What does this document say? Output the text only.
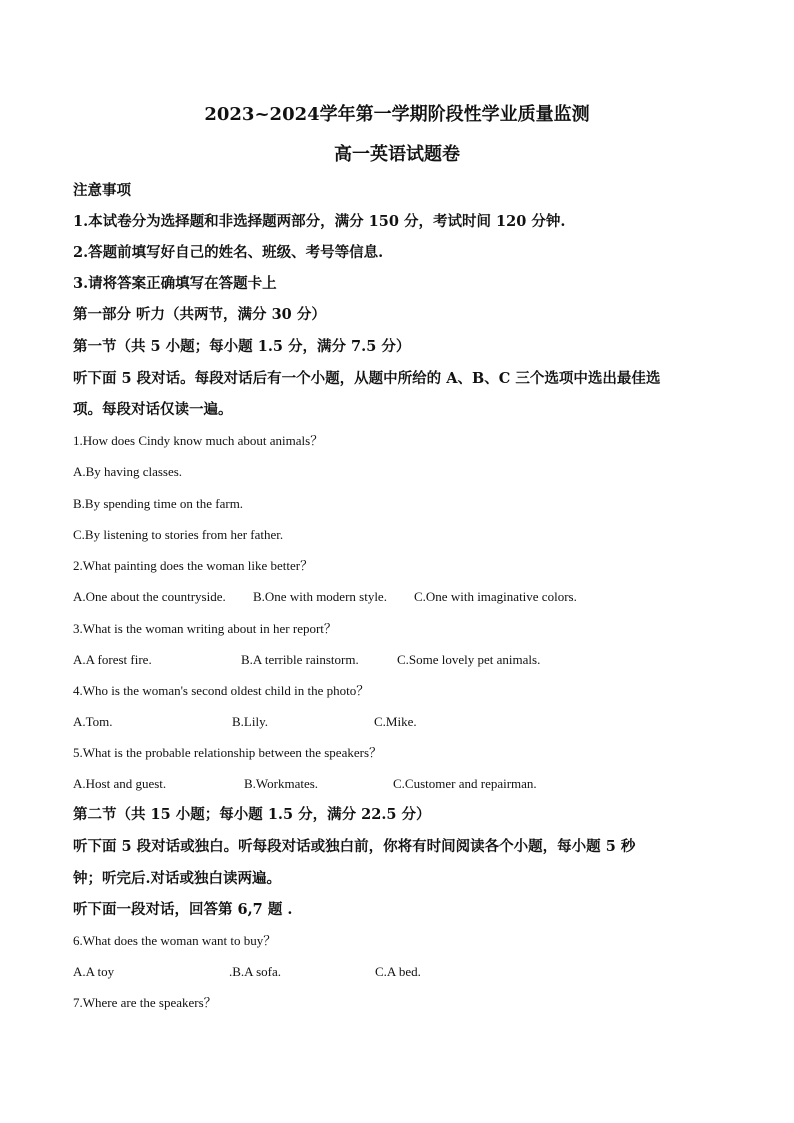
2023~2024学年第一学期阶段性学业质量监测
高一英语试题卷
注意事项
1.本试卷分为选择题和非选择题两部分，满分 150 分，考试时间 120 分钟.
2.答题前填写好自己的姓名、班级、考号等信息.
3.请将答案正确填写在答题卡上
第一部分 听力（共两节，满分 30 分）
第一节（共 5 小题；每小题 1.5 分，满分 7.5 分）
听下面 5 段对话。每段对话后有一个小题，从题中所给的 A、B、C 三个选项中选出最佳选
项。每段对话仅读一遍。
1.How does Cindy know much about animals？
A.By having classes.
B.By spending time on the farm.
C.By listening to stories from her father.
2.What painting does the woman like better？
A.One about the countryside. B.One with modern style. C.One with imaginative colors.
3.What is the woman writing about in her report？
A.A forest fire.	B.A terrible rainstorm.	C.Some lovely pet animals.
4.Who is the woman's second oldest child in the photo？
A.Tom.	B.Lily.	C.Mike.
5.What is the probable relationship between the speakers？
A.Host and guest.	B.Workmates.	C.Customer and repairman.
第二节（共 15 小题；每小题 1.5 分，满分 22.5 分）
听下面 5 段对话或独白。听每段对话或独白前，你将有时间阅读各个小题，每小题 5 秒
钟；听完后.对话或独白读两遍。
听下面一段对话，回答第 6,7 题 .
6.What does the woman want to buy？
A.A toy	.B.A sofa.	C.A bed.
7.Where are the speakers？
